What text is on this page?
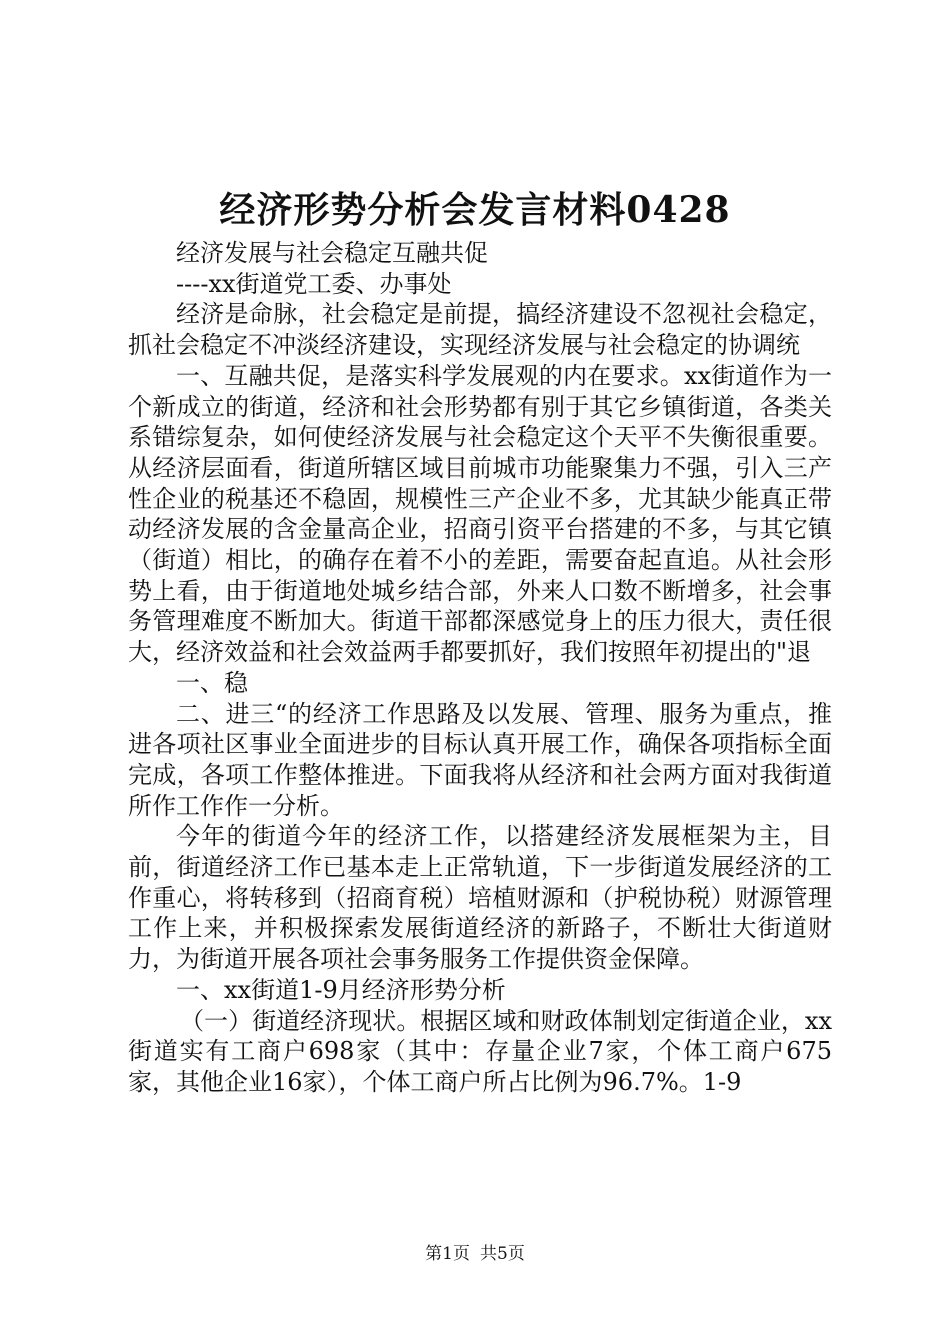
经济形势分析会发言材料0428

经济发展与社会稳定互融共促

----xx街道党工委、办事处

经济是命脉，社会稳定是前提，搞经济建设不忽视社会稳定，抓社会稳定不冲淡经济建设，实现经济发展与社会稳定的协调统

一、互融共促，是落实科学发展观的内在要求。xx街道作为一个新成立的街道，经济和社会形势都有别于其它乡镇街道，各类关系错综复杂，如何使经济发展与社会稳定这个天平不失衡很重要。从经济层面看，街道所辖区域目前城市功能聚集力不强，引入三产性企业的税基还不稳固，规模性三产企业不多，尤其缺少能真正带动经济发展的含金量高企业，招商引资平台搭建的不多，与其它镇（街道）相比，的确存在着不小的差距，需要奋起直追。从社会形势上看，由于街道地处城乡结合部，外来人口数不断增多，社会事务管理难度不断加大。街道干部都深感觉身上的压力很大，责任很大，经济效益和社会效益两手都要抓好，我们按照年初提出的"退

一、稳

二、进三“的经济工作思路及以发展、管理、服务为重点，推进各项社区事业全面进步的目标认真开展工作，确保各项指标全面完成，各项工作整体推进。下面我将从经济和社会两方面对我街道所作工作作一分析。

今年的街道今年的经济工作，以搭建经济发展框架为主，目前，街道经济工作已基本走上正常轨道，下一步街道发展经济的工作重心，将转移到（招商育税）培植财源和（护税协税）财源管理工作上来，并积极探索发展街道经济的新路子，不断壮大街道财力，为街道开展各项社会事务服务工作提供资金保障。

一、xx街道1-9月经济形势分析

（一）街道经济现状。根据区域和财政体制划定街道企业，xx街道实有工商户698家（其中：存量企业7家，个体工商户675家，其他企业16家），个体工商户所占比例为96.7%。1-9

第1页 共5页
